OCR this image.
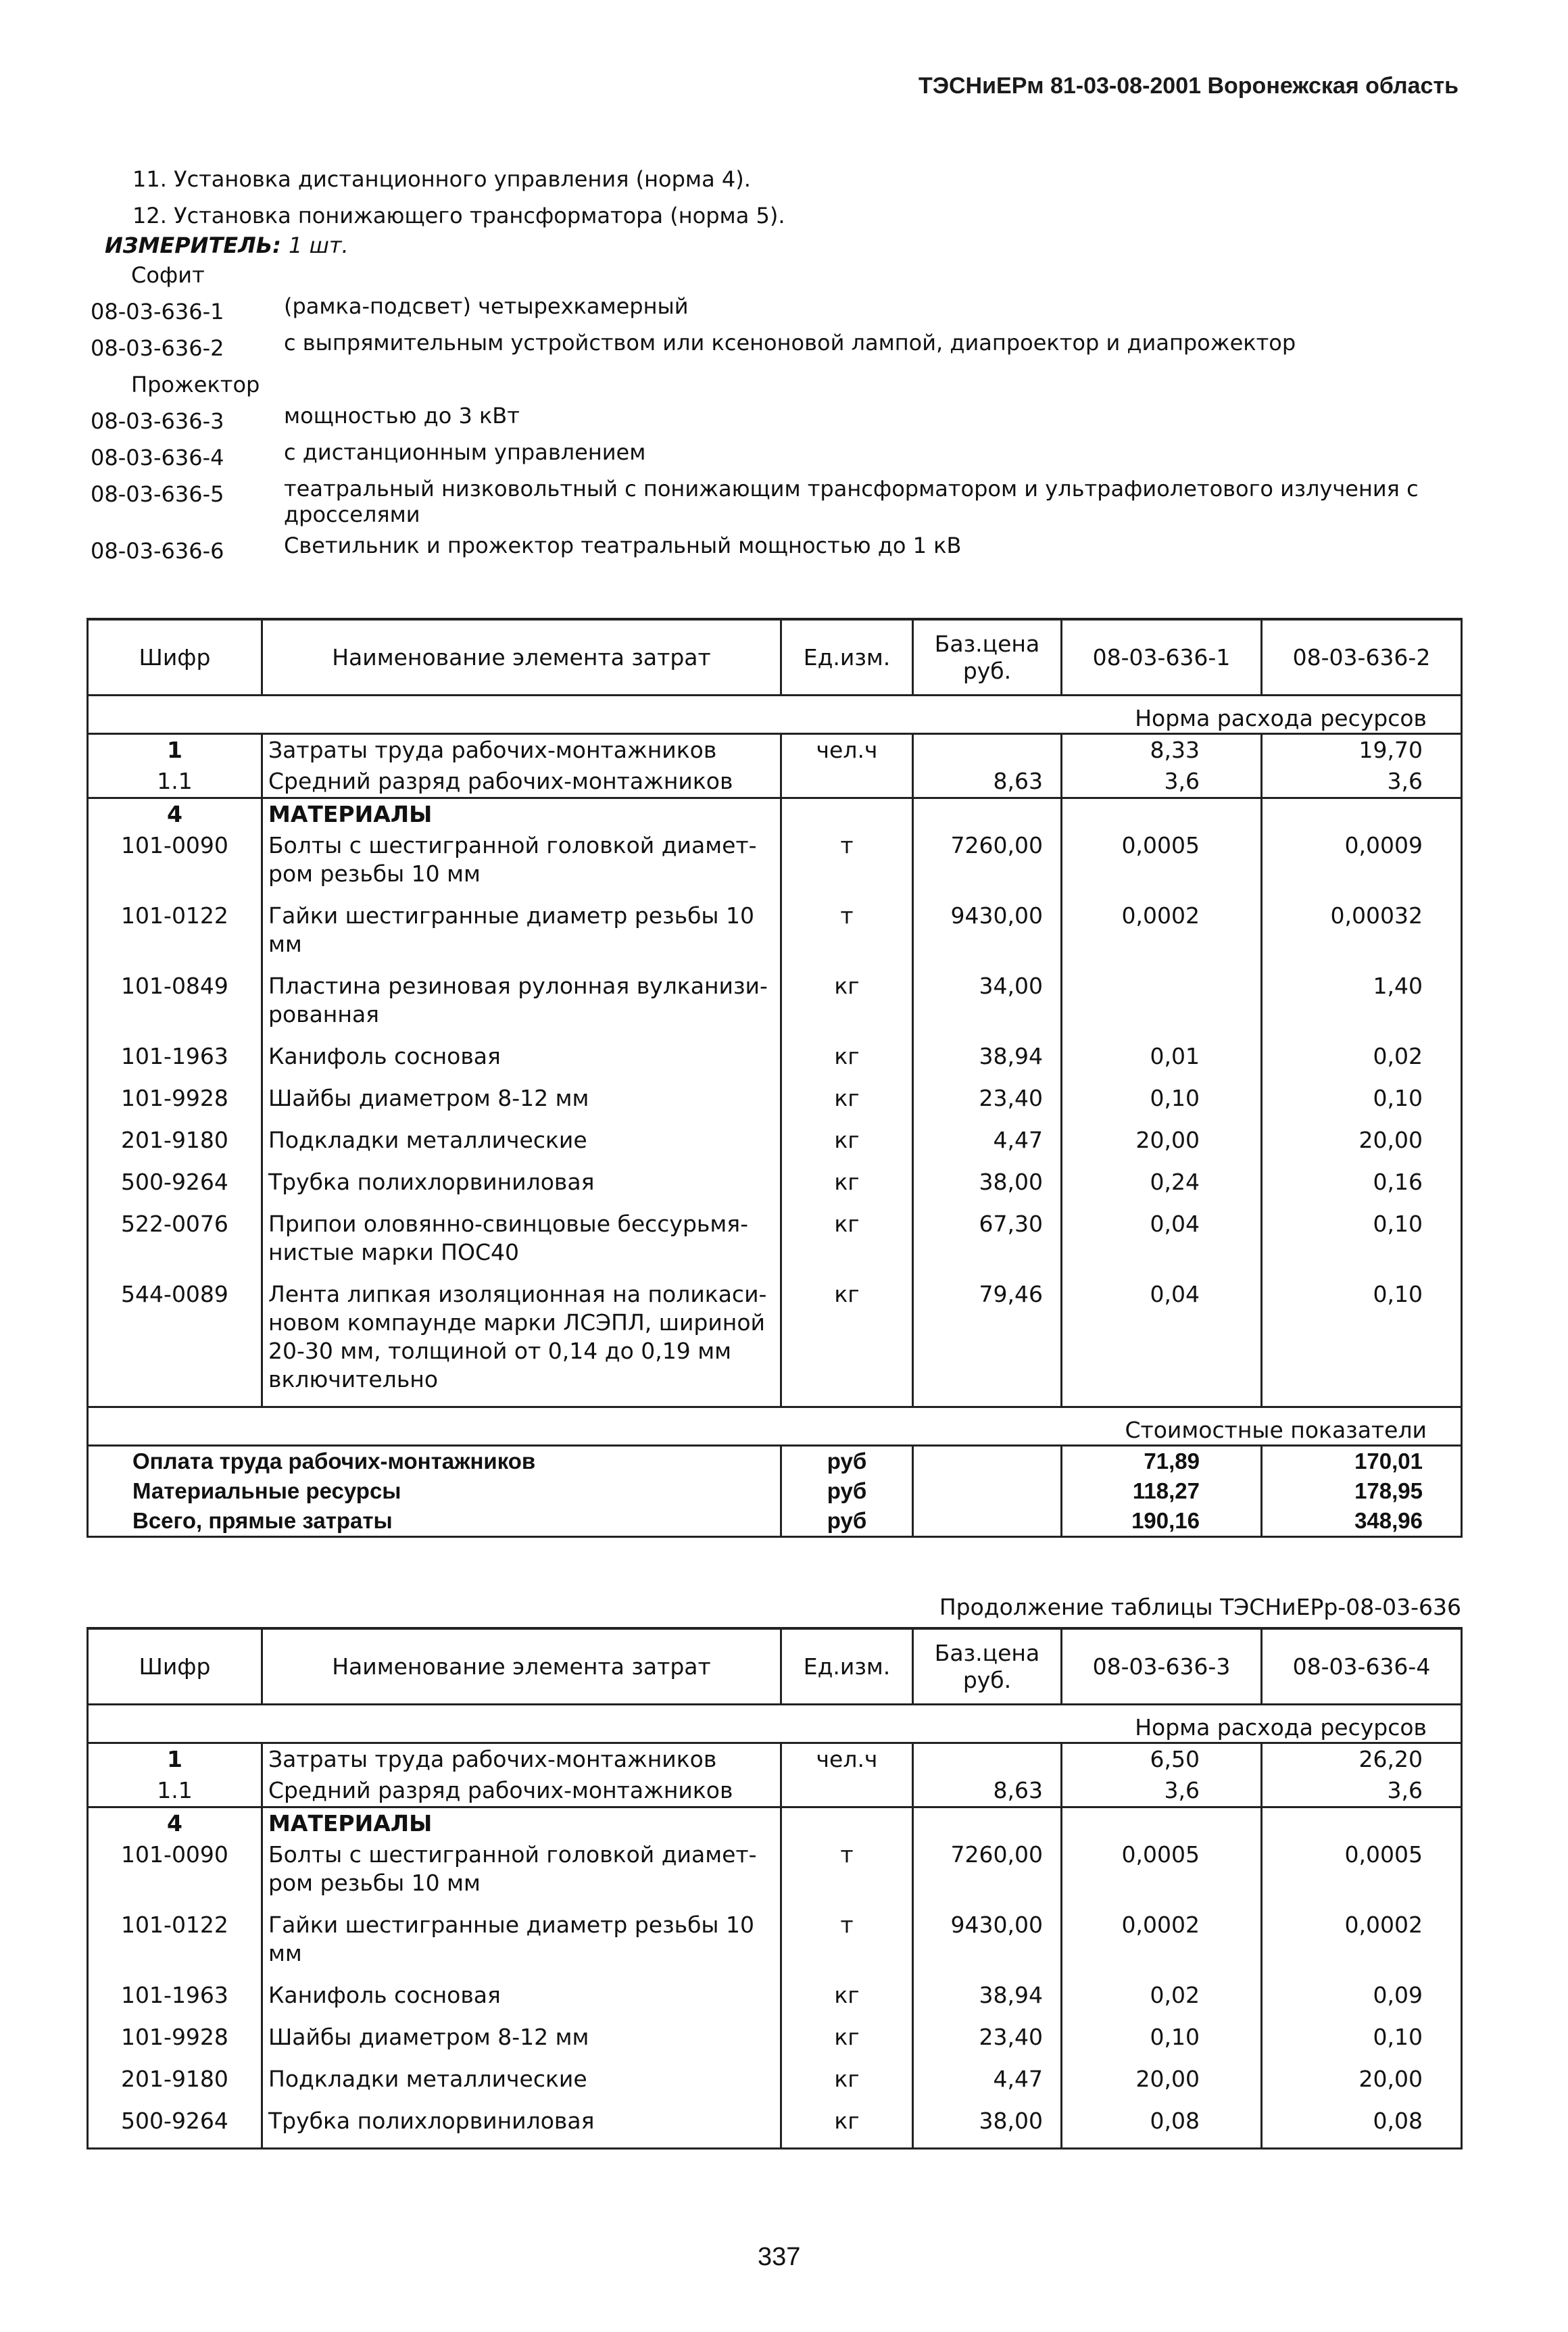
ТЭСНиЕРм 81-03-08-2001 Воронежская область
11. Установка дистанционного управления (норма 4).
12. Установка понижающего трансформатора (норма 5).
ИЗМЕРИТЕЛЬ: 1 шт.
Софит
08-03-636-1	(рамка-подсвет) четырехкамерный
08-03-636-2	с выпрямительным устройством или ксеноновой лампой, диапроектор и диапрожектор
Прожектор
08-03-636-3	мощностью до 3 кВт
08-03-636-4	с дистанционным управлением
08-03-636-5	театральный низковольтный с понижающим трансформатором и ультрафиолетового излучения с дросселями
08-03-636-6	Светильник и прожектор театральный мощностью до 1 кВ
Шифр	Наименование элемента затрат	Ед.изм.	Баз.цена руб.	08-03-636-1	08-03-636-2
Норма расхода ресурсов					
1	Затраты труда рабочих-монтажников	чел.ч		8,33	19,70
1.1	Средний разряд рабочих-монтажников		8,63	3,6	3,6
4	МАТЕРИАЛЫ				
101-0090	Болты с шестигранной головкой диамет-ром резьбы 10 мм	т	7260,00	0,0005	0,0009
101-0122	Гайки шестигранные диаметр резьбы 10 мм	т	9430,00	0,0002	0,00032
101-0849	Пластина резиновая рулонная вулканизи-рованная	кг	34,00		1,40
101-1963	Канифоль сосновая	кг	38,94	0,01	0,02
101-9928	Шайбы диаметром 8-12 мм	кг	23,40	0,10	0,10
201-9180	Подкладки металлические	кг	4,47	20,00	20,00
500-9264	Трубка полихлорвиниловая	кг	38,00	0,24	0,16
522-0076	Припои оловянно-свинцовые бессурьмя-нистые марки ПОС40	кг	67,30	0,04	0,10
544-0089	Лента липкая изоляционная на поликаси-новом компаунде марки ЛСЭПЛ, шириной 20-30 мм, толщиной от 0,14 до 0,19 мм включительно	кг	79,46	0,04	0,10
Стоимостные показатели					
Оплата труда рабочих-монтажников		руб		71,89	170,01
Материальные ресурсы		руб		118,27	178,95
Всего, прямые затраты		руб		190,16	348,96
Продолжение таблицы ТЭСНиЕРр-08-03-636
Шифр	Наименование элемента затрат	Ед.изм.	Баз.цена руб.	08-03-636-3	08-03-636-4
Норма расхода ресурсов					
1	Затраты труда рабочих-монтажников	чел.ч		6,50	26,20
1.1	Средний разряд рабочих-монтажников		8,63	3,6	3,6
4	МАТЕРИАЛЫ				
101-0090	Болты с шестигранной головкой диамет-ром резьбы 10 мм	т	7260,00	0,0005	0,0005
101-0122	Гайки шестигранные диаметр резьбы 10 мм	т	9430,00	0,0002	0,0002
101-1963	Канифоль сосновая	кг	38,94	0,02	0,09
101-9928	Шайбы диаметром 8-12 мм	кг	23,40	0,10	0,10
201-9180	Подкладки металлические	кг	4,47	20,00	20,00
500-9264	Трубка полихлорвиниловая	кг	38,00	0,08	0,08
337
